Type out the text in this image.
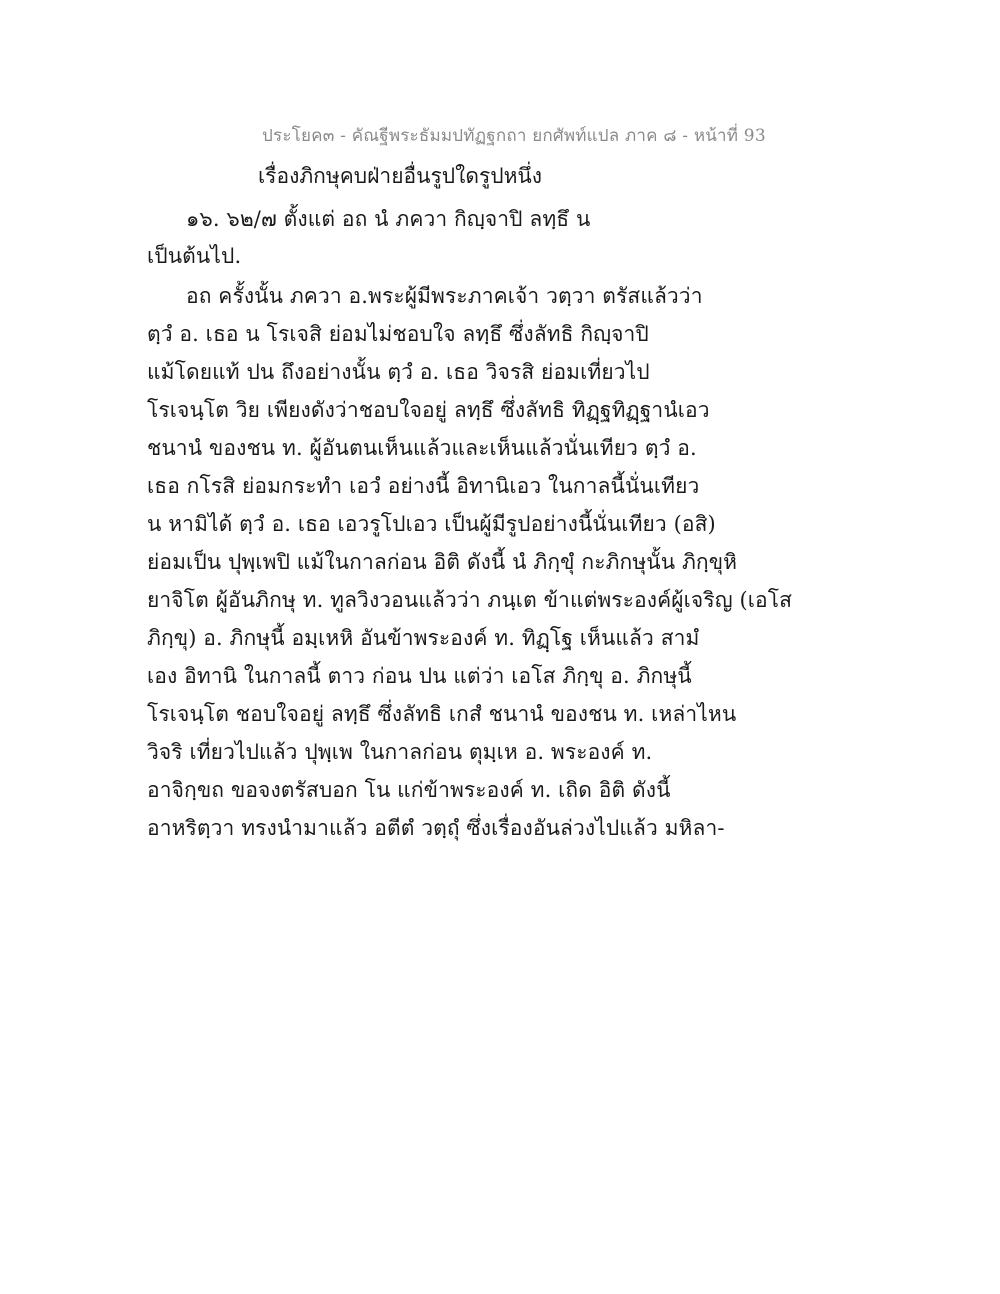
ประโยค๓ - คัณฐีพระธัมมปทัฏฐกถา ยกศัพท์แปล ภาค ๘ - หน้าที่ 93
เรื่องภิกษุคบฝ่ายอื่นรูปใดรูปหนึ่ง
๑๖. ๖๒/๗ ตั้งแต่ อถ นํ ภควา กิญฺจาปิ ลทฺธึ น
เป็นต้นไป.
อถ ครั้งนั้น ภควา อ.พระผู้มีพระภาคเจ้า วตฺวา ตรัสแล้วว่า
ตฺวํ อ. เธอ น โรเจสิ ย่อมไม่ชอบใจ ลทฺธึ ซึ่งลัทธิ กิญฺจาปิ
แม้โดยแท้ ปน ถึงอย่างนั้น ตฺวํ อ. เธอ วิจรสิ ย่อมเที่ยวไป
โรเจนฺโต วิย เพียงดังว่าชอบใจอยู่ ลทฺธึ ซึ่งลัทธิ ทิฏฺฐทิฏฺฐานํเอว
ชนานํ ของชน ท. ผู้อันตนเห็นแล้วและเห็นแล้วนั่นเทียว ตฺวํ อ.
เธอ กโรสิ ย่อมกระทำ เอวํ อย่างนี้ อิทานิเอว ในกาลนี้นั่นเทียว
น หามิได้ ตฺวํ อ. เธอ เอวรูโปเอว เป็นผู้มีรูปอย่างนี้นั่นเทียว (อสิ)
ย่อมเป็น ปุพฺเพปิ แม้ในกาลก่อน อิติ ดังนี้ นํ ภิกฺขุํ กะภิกษุนั้น ภิกฺขุหิ
ยาจิโต ผู้อันภิกษุ ท. ทูลวิงวอนแล้วว่า ภนฺเต ข้าแต่พระองค์ผู้เจริญ (เอโส
ภิกฺขุ) อ. ภิกษุนี้ อมฺเหหิ อันข้าพระองค์ ท. ทิฏฺโฐ เห็นแล้ว สามํ
เอง อิทานิ ในกาลนี้ ตาว ก่อน ปน แต่ว่า เอโส ภิกฺขุ อ. ภิกษุนี้
โรเจนฺโต ชอบใจอยู่ ลทฺธึ ซึ่งลัทธิ เกสํ ชนานํ ของชน ท. เหล่าไหน
วิจริ เที่ยวไปแล้ว ปุพฺเพ ในกาลก่อน ตุมฺเห อ. พระองค์ ท.
อาจิกฺขถ ขอจงตรัสบอก โน แก่ข้าพระองค์ ท. เถิด อิติ ดังนี้
อาหริตฺวา ทรงนำมาแล้ว อตีตํ วตฺถุํ ซึ่งเรื่องอันล่วงไปแล้ว มหิลา-
